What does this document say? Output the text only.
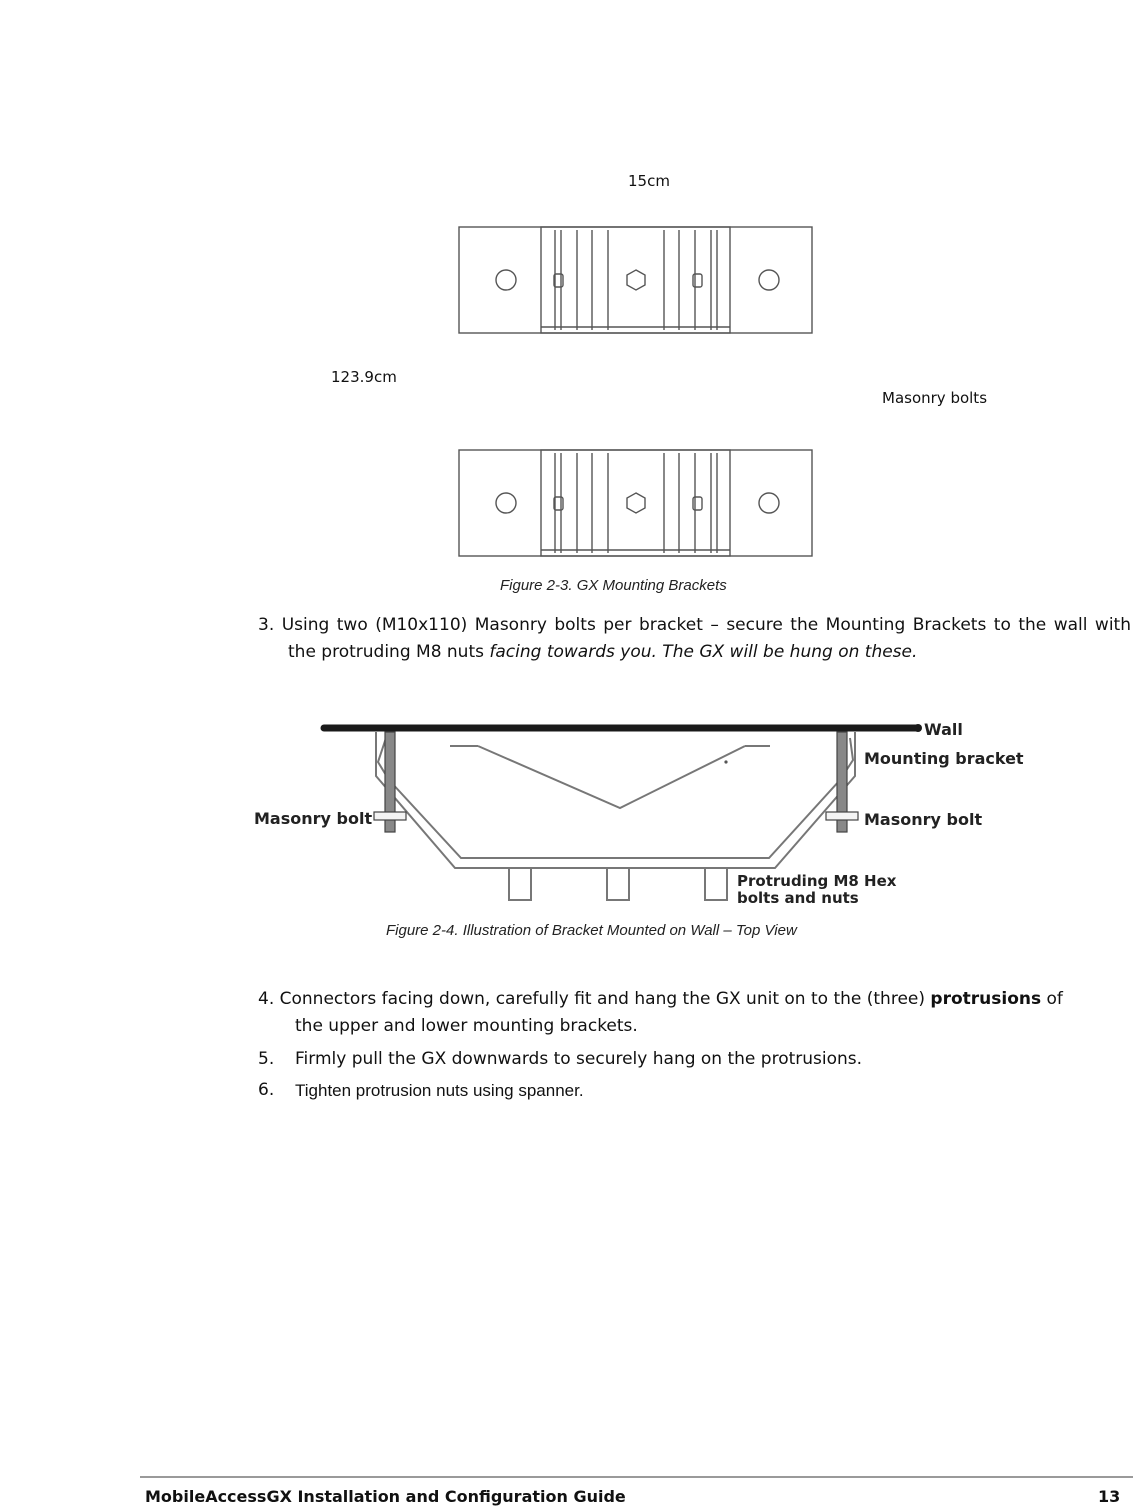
15cm
123.9cm
Masonry bolts
Figure 2-3. GX Mounting Brackets
3. Using two (M10x110) Masonry bolts per bracket – secure the Mounting Brackets to the wall with the protruding M8 nuts facing towards you. The GX will be hung on these.
Wall
Mounting bracket
Masonry bolt	Masonry bolt
Protruding M8 Hex
bolts and nuts
Figure 2-4. Illustration of Bracket Mounted on Wall – Top View
4. Connectors facing down, carefully fit and hang the GX unit on to the (three) protrusions of
the upper and lower mounting brackets.
5. Firmly pull the GX downwards to securely hang on the protrusions.
6. Tighten protrusion nuts using spanner.
MobileAccessGX Installation and Configuration Guide	13
